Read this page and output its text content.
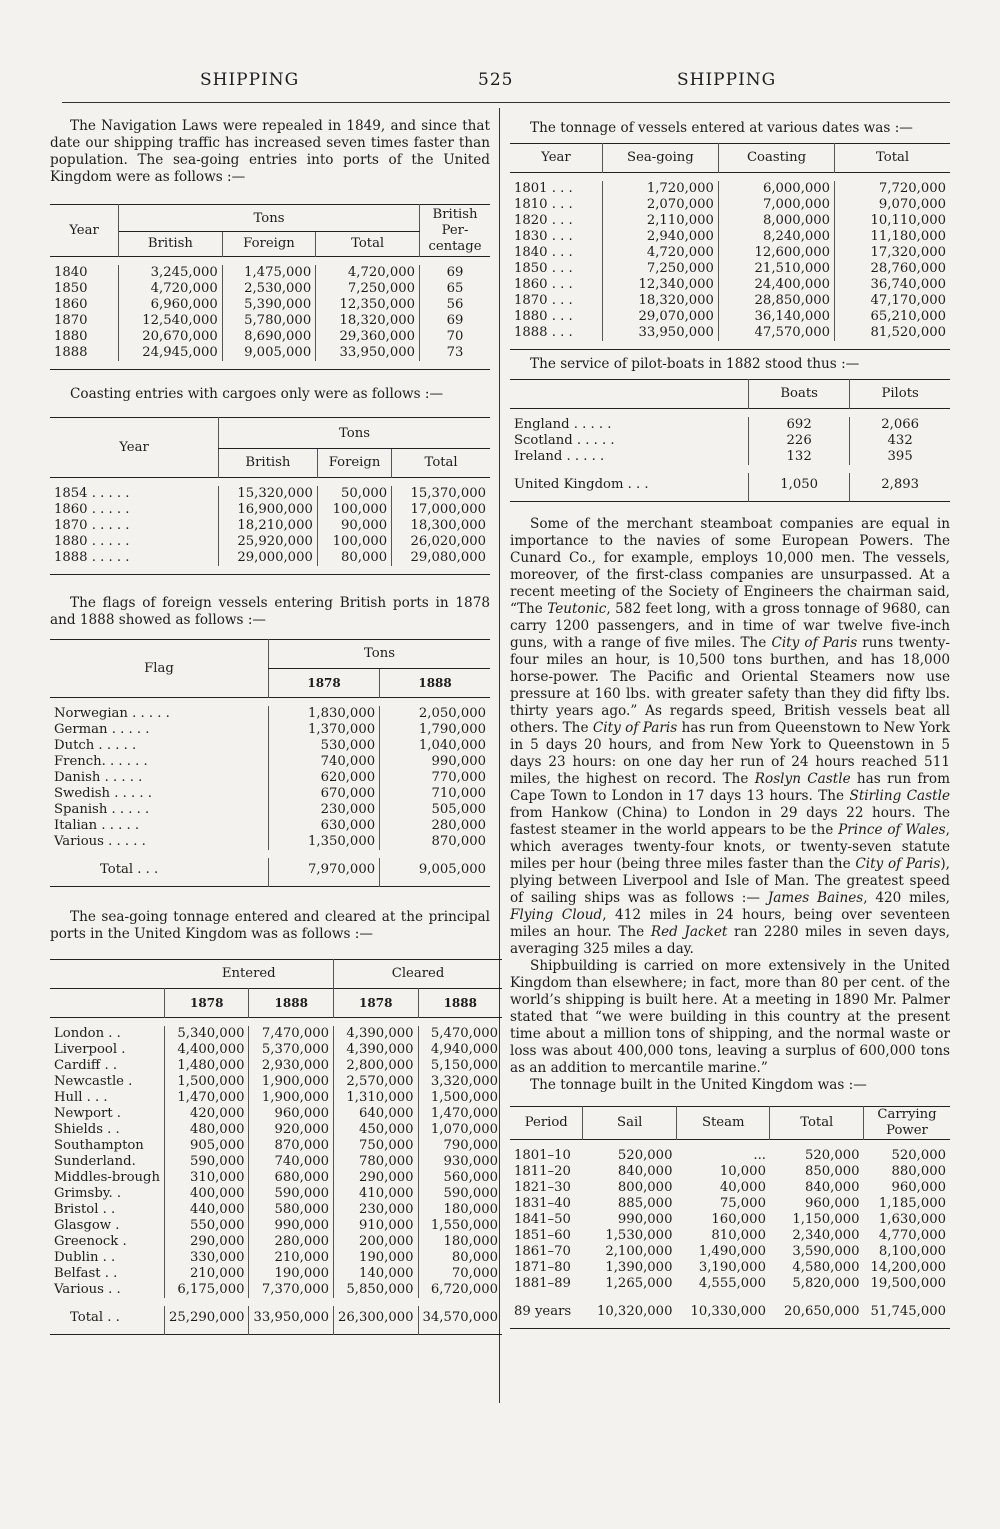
SHIPPING	525	SHIPPING

The Navigation Laws were repealed in 1849, and since that date our shipping traffic has increased seven times faster than population. The sea-going entries into ports of the United Kingdom were as follows :—

Year	Tons			British Per-centage
	British	Foreign	Total	

1840	3,245,000	1,475,000	4,720,000	69
1850	4,720,000	2,530,000	7,250,000	65
1860	6,960,000	5,390,000	12,350,000	56
1870	12,540,000	5,780,000	18,320,000	69
1880	20,670,000	8,690,000	29,360,000	70
1888	24,945,000	9,005,000	33,950,000	73

Coasting entries with cargoes only were as follows :—

Year	Tons		
	British	Foreign	Total

1854 . . . . .	15,320,000	50,000	15,370,000
1860 . . . . .	16,900,000	100,000	17,000,000
1870 . . . . .	18,210,000	90,000	18,300,000
1880 . . . . .	25,920,000	100,000	26,020,000
1888 . . . . .	29,000,000	80,000	29,080,000

The flags of foreign vessels entering British ports in 1878 and 1888 showed as follows :—

Flag	Tons	
	1878	1888

Norwegian . . . . .	1,830,000	2,050,000
German . . . . .	1,370,000	1,790,000
Dutch . . . . .	530,000	1,040,000
French. . . . . .	740,000	990,000
Danish . . . . .	620,000	770,000
Swedish . . . . .	670,000	710,000
Spanish . . . . .	230,000	505,000
Italian . . . . .	630,000	280,000
Various . . . . .	1,350,000	870,000

Total . . .	7,970,000	9,005,000

The sea-going tonnage entered and cleared at the principal ports in the United Kingdom was as follows :—

	Entered		Cleared	
	1878	1888	1878	1888

London . .	5,340,000	7,470,000	4,390,000	5,470,000
Liverpool .	4,400,000	5,370,000	4,390,000	4,940,000
Cardiff . .	1,480,000	2,930,000	2,800,000	5,150,000
Newcastle .	1,500,000	1,900,000	2,570,000	3,320,000
Hull . . .	1,470,000	1,900,000	1,310,000	1,500,000
Newport .	420,000	960,000	640,000	1,470,000
Shields . .	480,000	920,000	450,000	1,070,000
Southampton	905,000	870,000	750,000	790,000
Sunderland.	590,000	740,000	780,000	930,000
Middles-brough	310,000	680,000	290,000	560,000
Grimsby. .	400,000	590,000	410,000	590,000
Bristol . .	440,000	580,000	230,000	180,000
Glasgow .	550,000	990,000	910,000	1,550,000
Greenock .	290,000	280,000	200,000	180,000
Dublin . .	330,000	210,000	190,000	80,000
Belfast . .	210,000	190,000	140,000	70,000
Various . .	6,175,000	7,370,000	5,850,000	6,720,000

Total . .	25,290,000	33,950,000	26,300,000	34,570,000

The tonnage of vessels entered at various dates was :—

Year	Sea-going	Coasting	Total

1801 . . .	1,720,000	6,000,000	7,720,000
1810 . . .	2,070,000	7,000,000	9,070,000
1820 . . .	2,110,000	8,000,000	10,110,000
1830 . . .	2,940,000	8,240,000	11,180,000
1840 . . .	4,720,000	12,600,000	17,320,000
1850 . . .	7,250,000	21,510,000	28,760,000
1860 . . .	12,340,000	24,400,000	36,740,000
1870 . . .	18,320,000	28,850,000	47,170,000
1880 . . .	29,070,000	36,140,000	65,210,000
1888 . . .	33,950,000	47,570,000	81,520,000

The service of pilot-boats in 1882 stood thus :—

	Boats	Pilots

England . . . . .	692	2,066
Scotland . . . . .	226	432
Ireland . . . . .	132	395

United Kingdom . . .	1,050	2,893

Some of the merchant steamboat companies are equal in importance to the navies of some European Powers. The Cunard Co., for example, employs 10,000 men. The vessels, moreover, of the first-class companies are unsurpassed. At a recent meeting of the Society of Engineers the chairman said, “The Teutonic, 582 feet long, with a gross tonnage of 9680, can carry 1200 passengers, and in time of war twelve five-inch guns, with a range of five miles. The City of Paris runs twenty-four miles an hour, is 10,500 tons burthen, and has 18,000 horse-power. The Pacific and Oriental Steamers now use pressure at 160 lbs. with greater safety than they did fifty lbs. thirty years ago.” As regards speed, British vessels beat all others. The City of Paris has run from Queenstown to New York in 5 days 20 hours, and from New York to Queenstown in 5 days 23 hours: on one day her run of 24 hours reached 511 miles, the highest on record. The Roslyn Castle has run from Cape Town to London in 17 days 13 hours. The Stirling Castle from Hankow (China) to London in 29 days 22 hours. The fastest steamer in the world appears to be the Prince of Wales, which averages twenty-four knots, or twenty-seven statute miles per hour (being three miles faster than the City of Paris), plying between Liverpool and Isle of Man. The greatest speed of sailing ships was as follows :— James Baines, 420 miles, Flying Cloud, 412 miles in 24 hours, being over seventeen miles an hour. The Red Jacket ran 2280 miles in seven days, averaging 325 miles a day.

Shipbuilding is carried on more extensively in the United Kingdom than elsewhere; in fact, more than 80 per cent. of the world’s shipping is built here. At a meeting in 1890 Mr. Palmer stated that “we were building in this country at the present time about a million tons of shipping, and the normal waste or loss was about 400,000 tons, leaving a surplus of 600,000 tons as an addition to mercantile marine.”

The tonnage built in the United Kingdom was :—

Period	Sail	Steam	Total	Carrying Power

1801–10	520,000	...	520,000	520,000
1811–20	840,000	10,000	850,000	880,000
1821–30	800,000	40,000	840,000	960,000
1831–40	885,000	75,000	960,000	1,185,000
1841–50	990,000	160,000	1,150,000	1,630,000
1851–60	1,530,000	810,000	2,340,000	4,770,000
1861–70	2,100,000	1,490,000	3,590,000	8,100,000
1871–80	1,390,000	3,190,000	4,580,000	14,200,000
1881–89	1,265,000	4,555,000	5,820,000	19,500,000

89 years	10,320,000	10,330,000	20,650,000	51,745,000
